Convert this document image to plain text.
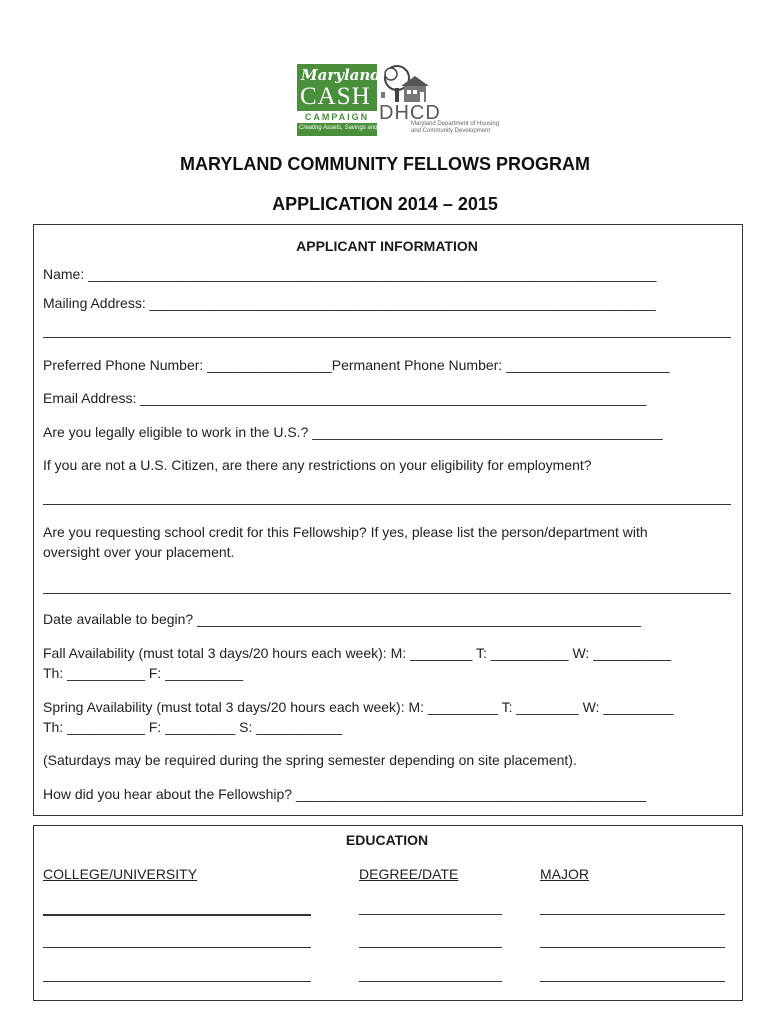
Maryland
CASH
CAMPAIGN
Creating Assets, Savings and Hope
DHCD
Maryland Department of Housing
and Community Development
MARYLAND COMMUNITY FELLOWS PROGRAM
APPLICATION 2014 – 2015
APPLICANT INFORMATION
Name: _________________________________________________________________________
Mailing Address: _________________________________________________________________
Preferred Phone Number: ________________Permanent Phone Number: _____________________
Email Address: _________________________________________________________________
Are you legally eligible to work in the U.S.? _____________________________________________
If you are not a U.S. Citizen, are there any restrictions on your eligibility for employment?
Are you requesting school credit for this Fellowship? If yes, please list the person/department with
oversight over your placement.
Date available to begin? _________________________________________________________
Fall Availability (must total 3 days/20 hours each week): M: ________ T: __________ W: __________
Th: __________ F: __________
Spring Availability (must total 3 days/20 hours each week): M: _________ T: ________ W: _________
Th: __________ F: _________ S: ___________
(Saturdays may be required during the spring semester depending on site placement).
How did you hear about the Fellowship? _____________________________________________
EDUCATION
COLLEGE/UNIVERSITY	DEGREE/DATE	MAJOR
